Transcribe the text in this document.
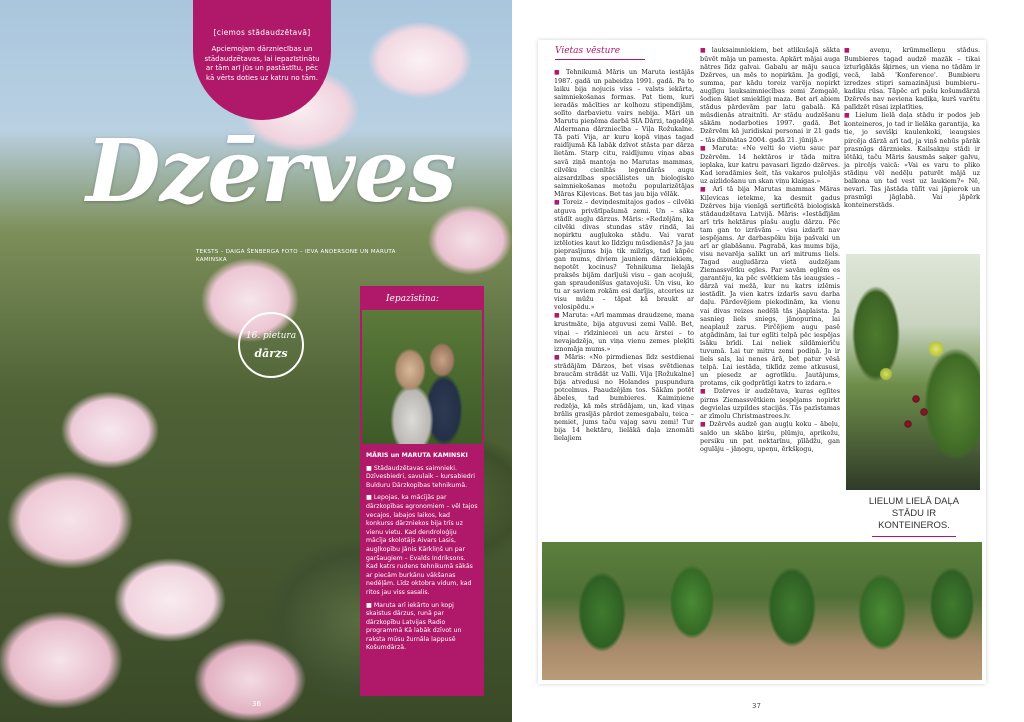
[ciemos stādaudzētavā]
Apciemojam dārzniecības un stādaudzētavas, lai iepazīstinātu ar tām arī jūs un pastāstītu, pēc kā vērts doties uz katru no tām.
Dzērves
TEKSTS – DAIGA ŠENBERGA FOTO – IEVA ANDERSONE UN MARUTA KAMINSKA
16. pietura
dārzs
Iepazīstina:

MĀRIS un MARUTA KAMINSKI

■ Stādaudzētavas saimnieki. Dzīvesbiedri, savulaik – kursabiedri Bulduru Dārzkopības tehnikumā.

■ Lepojas, ka mācījās par dārzkopības agronomiem – vēl tajos vecajos, labajos laikos, kad konkurss dārzniekos bija trīs uz vienu vietu. Kad dendroloģiju mācīja skolotājs Aivars Lasis, augļkopību Jānis Kārkliņš un par garšaugiem – Evalds Indriksons. Kad katrs rudens tehnikumā sākās ar piecām burkānu vākšanas nedēļām. Līdz oktobra vidum, kad ritos jau viss sasalis.

■ Maruta arī iekārto un kopj skaistus dārzus, runā par dārzkopību Latvijas Radio programmā Kā labāk dzīvot un raksta mūsu žurnāla lappusē Košumdārzā.

36
Vietas vēsture

■ Tehnikumā Māris un Maruta iestājās 1987. gadā un pabeidza 1991. gadā. Pa to laiku bija nojucis viss – valsts iekārta, saimniekošanas formas. Pat tiem, kuri ieradās mācīties ar kolhozu stipendijām, solīto darbavietu vairs nebija. Māri un Marutu pieņēma darbā SIA Dārzi, tagadējā Aldermana dārzniecība – Viļa Rožukalne. Tā pati Vija, ar kuru kopā viņas tagad raidījumā Kā labāk dzīvot stāsta par dārza lietām. Starp citu, raidījumu viņas abas savā ziņā mantoja no Marutas mammas, cilvēku cienītās leģendārās augu aizsardzības speciālistes un bioloģisko saimniekošanas metožu popularizētājas Māras Kiļevicas. Bet tas jau bija vēlāk.

■ Toreiz – deviņdesmitajos gados – cilvēki atguva privātīpašumā zemi. Un – sāka stādīt augļu dārzus. Māris: «Redzējām, ka cilvēki divas stundas stāv rindā, lai nopirktu augļukoka stādu. Vai varat iztēloties kaut ko līdzīgu mūsdienās? Ja jau pieprasījums bija tik milzīgs, tad kāpēc gan mums, diviem jauniem dārzniekiem, nepotēt kocinus? Tehnikuma lielajās praksēs bijām darījuši visu – gan acojuši, gan spraudenīšus gatavojuši. Un visu, ko tu ar saviem rokām esi darījis, atceries uz visu mūžu – tāpat kā braukt ar velosipēdu.»

■ Maruta: «Arī mammas draudzene, mana krustmāte, bija atguvusi zemi Vallē. Bet, viņai – rīdziniecei un acu ārstei – to nevajadzēja, un viņa vienu zemes pleķīti iznomāja mums.»

■ Māris: «No pirmdienas līdz sestdienai strādājām Dārzos, bet visas svētdienas braucām strādāt uz Valli. Vija [Rožukalne] bija atvedusi no Holandes puspundura potcelmus. Paaudzējām tos. Sākām potēt ābeles, tad bumbieres. Kaimiņiene redzēja, kā mēs strādājam, un, kad viņas brālis grasījās pārdot zemesgabalu, teica – ņemiet, jums taču vajag savu zemi! Tur bija 14 hektāru, lielākā daļa iznomāti lielajiem

■ lauksaimniekiem, bet atlikušajā sākta būvēt māja un pamesta. Apkārt mājai auga nātres līdz galvai. Gabalu ar māju sauca Dzērves, un mēs to nopirkām. Ja godīgi, summa, par kādu toreiz varēja nopirkt augļīgu lauksaimniecības zemi Zemgalē, šodien šķiet smieklīgi maza. Bet arī abiem stādus pārdevām par latu gabalā. Kā mūsdienās atraitnīti. Ar stādu audzēšanu sākām nodarboties 1997. gadā. Bet Dzērvēm kā juridiskai personai ir 21 gads – tās dibinātas 2004. gadā 21. jūnijā.»

■ Maruta: «Ne velti šo vietu sauc par Dzērvēm. 14 hektāros ir tāda mitra ieplaka, kur katru pavasari ligzdo dzērves. Kad ieradāmies šeit, tās vakaros pulcējās uz aizlidošanu un skan viņu klaigas.»

■ Arī tā bija Marutas mammas Māras Kiļevicas ietekme, ka desmit gadus Dzērves bija vienīgā sertificētā bioloģiskā stādaudzētava Latvijā. Māris: «Iestādījām arī trīs hektārus plašu augļu dārzu. Pēc tam gan to izrāvām – visu izdarīt nav iespējams. Ar darbaspēku bija pašvaki un arī ar glabāšanu. Pagrabā, kas mums bija, visu nevarēja salikt un arī mitrums liels. Tagad augļudārza vietā audzējam Ziemassvētku egles. Par savām eglēm es garantēju, ka pēc svētkiem tās ieaugsies – dārzā vai mežā, kur nu katrs izlēmis iestādīt. Ja vien katrs izdarīs savu darba daļu. Pārdevējiem piekodinām, ka vienu vai divas reizes nedēļā tās jāaplaista. Ja sasnieg liels sniegs, jānopurina, lai neaplauž zarus. Pirčējiem augu pasē atgādinām, lai tur eglīti telpā pēc iespējas īsāku brīdi. Lai neliek sildāmierīču tuvumā. Lai tur mitru zemi podiņā. Ja ir liels sals, lai nenes ārā, bet patur vēsā telpā. Lai iestāda, tiklīdz zeme atkususi, un piesedz ar agrotīklu. Jautājums, protams, cik godprātīgi katrs to izdara.»

■ Dzērves ir audzētava, kuras eglītes pirms Ziemassvētkiem iespējams nopirkt degvielas uzpildes stacijās. Tās pazīstamas ar zīmolu Christmastrees.lv.

■ Dzērvēs audzē gan augļu koku – ābeļu, saldo un skābo ķiršu, plūmju, aprikožu, persiku un pat nektarīnu, pīlādžu, gan ogulāju – jāņogu, upeņu, ērkšķogu,

■ aveņu, krūmmelleņu stādus. Bumbieres tagad audzē mazāk – tikai izturīgākās šķirnes, un viena no tādām ir vecā, labā 'Konference'. Bumbieru izredzes stipri samazinājusi bumbieru–kadiķu rūsa. Tāpēc arī pašu košumdārzā Dzērvēs nav neviena kadiķa, kurš varētu palīdzēt rūsai izplatīties.

■ Lielum lielā daļa stādu ir podos jeb konteineros, jo tad ir lielāka garantija, ka tie, jo sevišķi kaulenkoki, ieaugsies pircēja dārzā arī tad, ja viņš nebūs pārāk prasmīgs dārznieks. Kailsakņu stādi ir lētāki, taču Māris šausmās saķer galvu, ja pircējs vaicā: «Vai es varu to pliko stādiņu vēl nedēļu paturēt mājā uz balkona un tad vest uz laukiem?» Nē, nevari. Tas jāstāda tūlīt vai jāpierok un prasmīgi jāglabā. Vai jāpērk konteinerstāds.

LIELUM LIELĀ DAĻA STĀDU IR KONTEINEROS.
37
